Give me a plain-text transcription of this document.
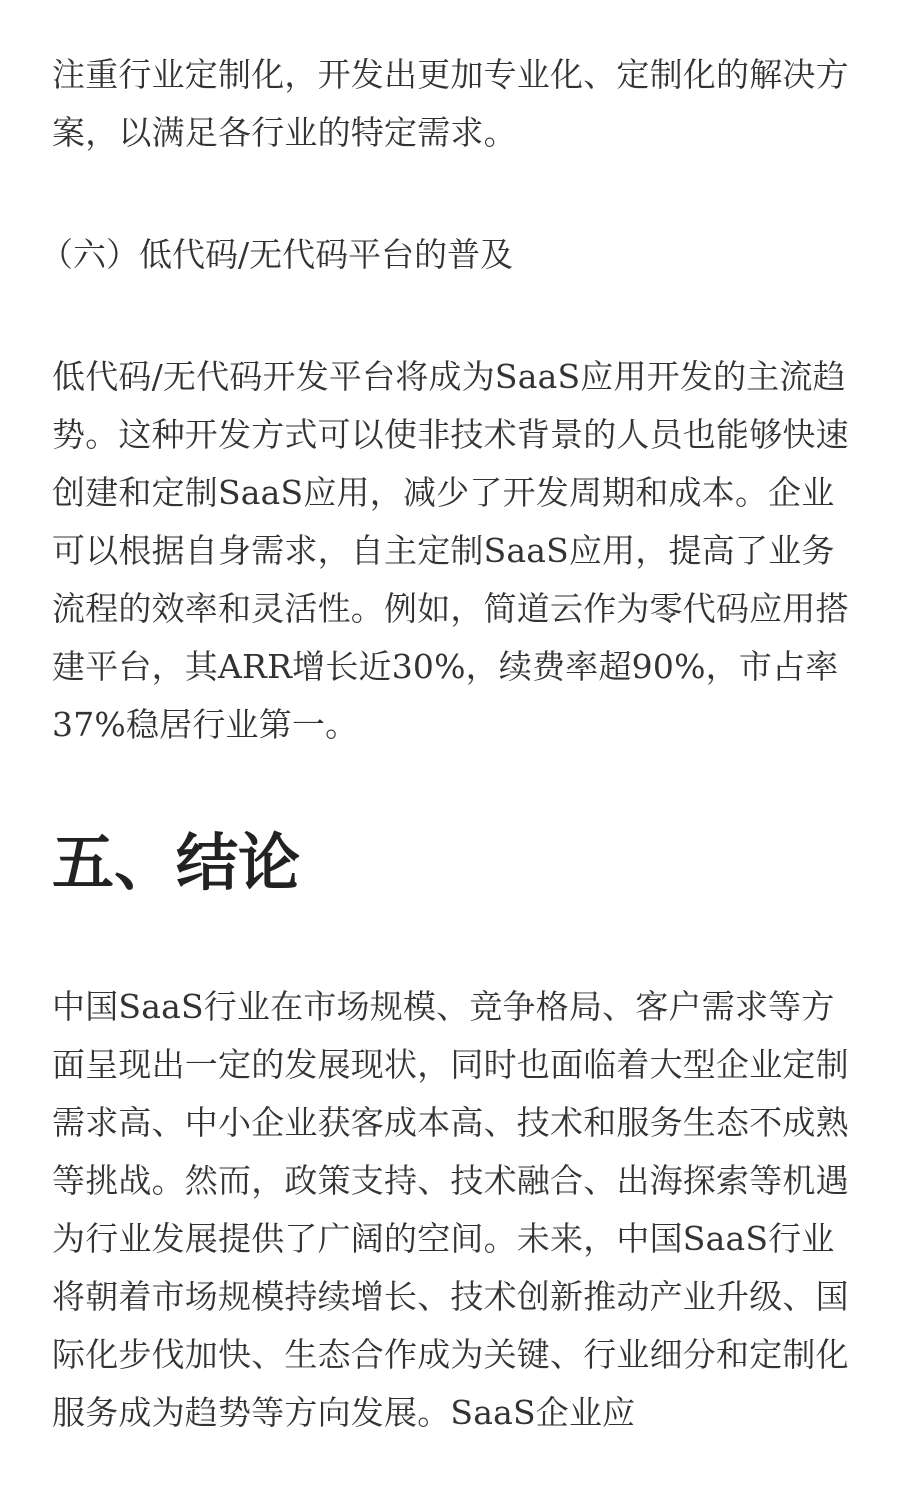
注重行业定制化，开发出更加专业化、定制化的解决方案，以满足各行业的特定需求。

（六）低代码/无代码平台的普及

低代码/无代码开发平台将成为SaaS应用开发的主流趋势。这种开发方式可以使非技术背景的人员也能够快速创建和定制SaaS应用，减少了开发周期和成本。企业可以根据自身需求，自主定制SaaS应用，提高了业务流程的效率和灵活性。例如，简道云作为零代码应用搭建平台，其ARR增长近30%，续费率超90%，市占率37%稳居行业第一。

五、结论

中国SaaS行业在市场规模、竞争格局、客户需求等方面呈现出一定的发展现状，同时也面临着大型企业定制需求高、中小企业获客成本高、技术和服务生态不成熟等挑战。然而，政策支持、技术融合、出海探索等机遇为行业发展提供了广阔的空间。未来，中国SaaS行业将朝着市场规模持续增长、技术创新推动产业升级、国际化步伐加快、生态合作成为关键、行业细分和定制化服务成为趋势等方向发展。SaaS企业应
